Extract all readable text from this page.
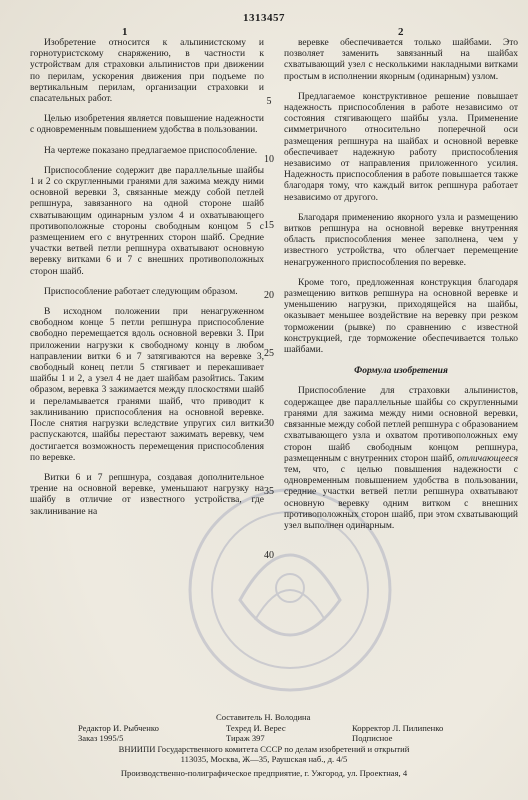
1313457
1	2

Изобретение относится к альпинистскому и горнотуристскому снаряжению, в частности к устройствам для страховки альпинистов при движении по перилам, ускорения движения при подъеме по вертикальным перилам, организации страховки и спасательных работ.

Целью изобретения является повышение надежности с одновременным повышением удобства в пользовании.

На чертеже показано предлагаемое приспособление.

Приспособление содержит две параллельные шайбы 1 и 2 со скругленными гранями для зажима между ними основной веревки 3, связанные между собой петлей репшнура, завязанного на одной стороне шайб схватывающим одинарным узлом 4 и охватывающего противоположные стороны свободным концом 5 с размещением его с внутренних сторон шайб. Средние участки ветвей петли репшнура охватывают основную веревку витками 6 и 7 с внешних противоположных сторон шайб.

Приспособление работает следующим образом.

В исходном положении при ненагруженном свободном конце 5 петли репшнура приспособление свободно перемещается вдоль основной веревки 3. При приложении нагрузки к свободному концу в любом направлении витки 6 и 7 затягиваются на веревке 3, свободный конец петли 5 стягивает и перекашивает шайбы 1 и 2, а узел 4 не дает шайбам разойтись. Таким образом, веревка 3 зажимается между плоскостями шайб и переламывается гранями шайб, что приводит к заклиниванию приспособления на основной веревке. После снятия нагрузки вследствие упругих сил витки распускаются, шайбы перестают зажимать веревку, чем достигается возможность перемещения приспособления по веревке.

Витки 6 и 7 репшнура, создавая дополнительное трение на основной веревке, уменьшают нагрузку на шайбу в отличие от известного устройства, где заклинивание на

5
10
15
20
25
30
35
40

веревке обеспечивается только шайбами. Это позволяет заменить завязанный на шайбах схватывающий узел с несколькими накладными витками простым в исполнении якорным (одинарным) узлом.

Предлагаемое конструктивное решение повышает надежность приспособления в работе независимо от состояния стягивающего шайбы узла. Применение симметричного относительно поперечной оси размещения репшнура на шайбах и основной веревке обеспечивает надежную работу приспособления независимо от направления приложенного усилия. Надежность приспособления в работе повышается также благодаря тому, что каждый виток репшнура работает независимо от другого.

Благодаря применению якорного узла и размещению витков репшнура на основной веревке внутренняя область приспособления менее заполнена, чем у известного устройства, что облегчает перемещение ненагруженного приспособления по веревке.

Кроме того, предложенная конструкция благодаря размещению витков репшнура на основной веревке и уменьшению нагрузки, приходящейся на шайбы, оказывает меньшее воздействие на веревку при резком торможении (рывке) по сравнению с известной конструкцией, где торможение обеспечивается только шайбами.

Формула изобретения

Приспособление для страховки альпинистов, содержащее две параллельные шайбы со скругленными гранями для зажима между ними основной веревки, связанные между собой петлей репшнура с образованием схватывающего узла и охватом противоположных ему сторон шайб свободным концом репшнура, размещенным с внутренних сторон шайб, отличающееся тем, что, с целью повышения надежности с одновременным повышением удобства в пользовании, средние участки ветвей петли репшнура охватывают основную веревку одним витком с внешних противоположных сторон шайб, при этом схватывающий узел выполнен одинарным.

Составитель Н. Володина
Редактор И. Рыбченко	Техред И. Верес	Корректор Л. Пилипенко
Заказ 1995/5	Тираж 397	Подписное
ВНИИПИ Государственного комитета СССР по делам изобретений и открытий
113035, Москва, Ж—35, Раушская наб., д. 4/5
Производственно-полиграфическое предприятие, г. Ужгород, ул. Проектная, 4
